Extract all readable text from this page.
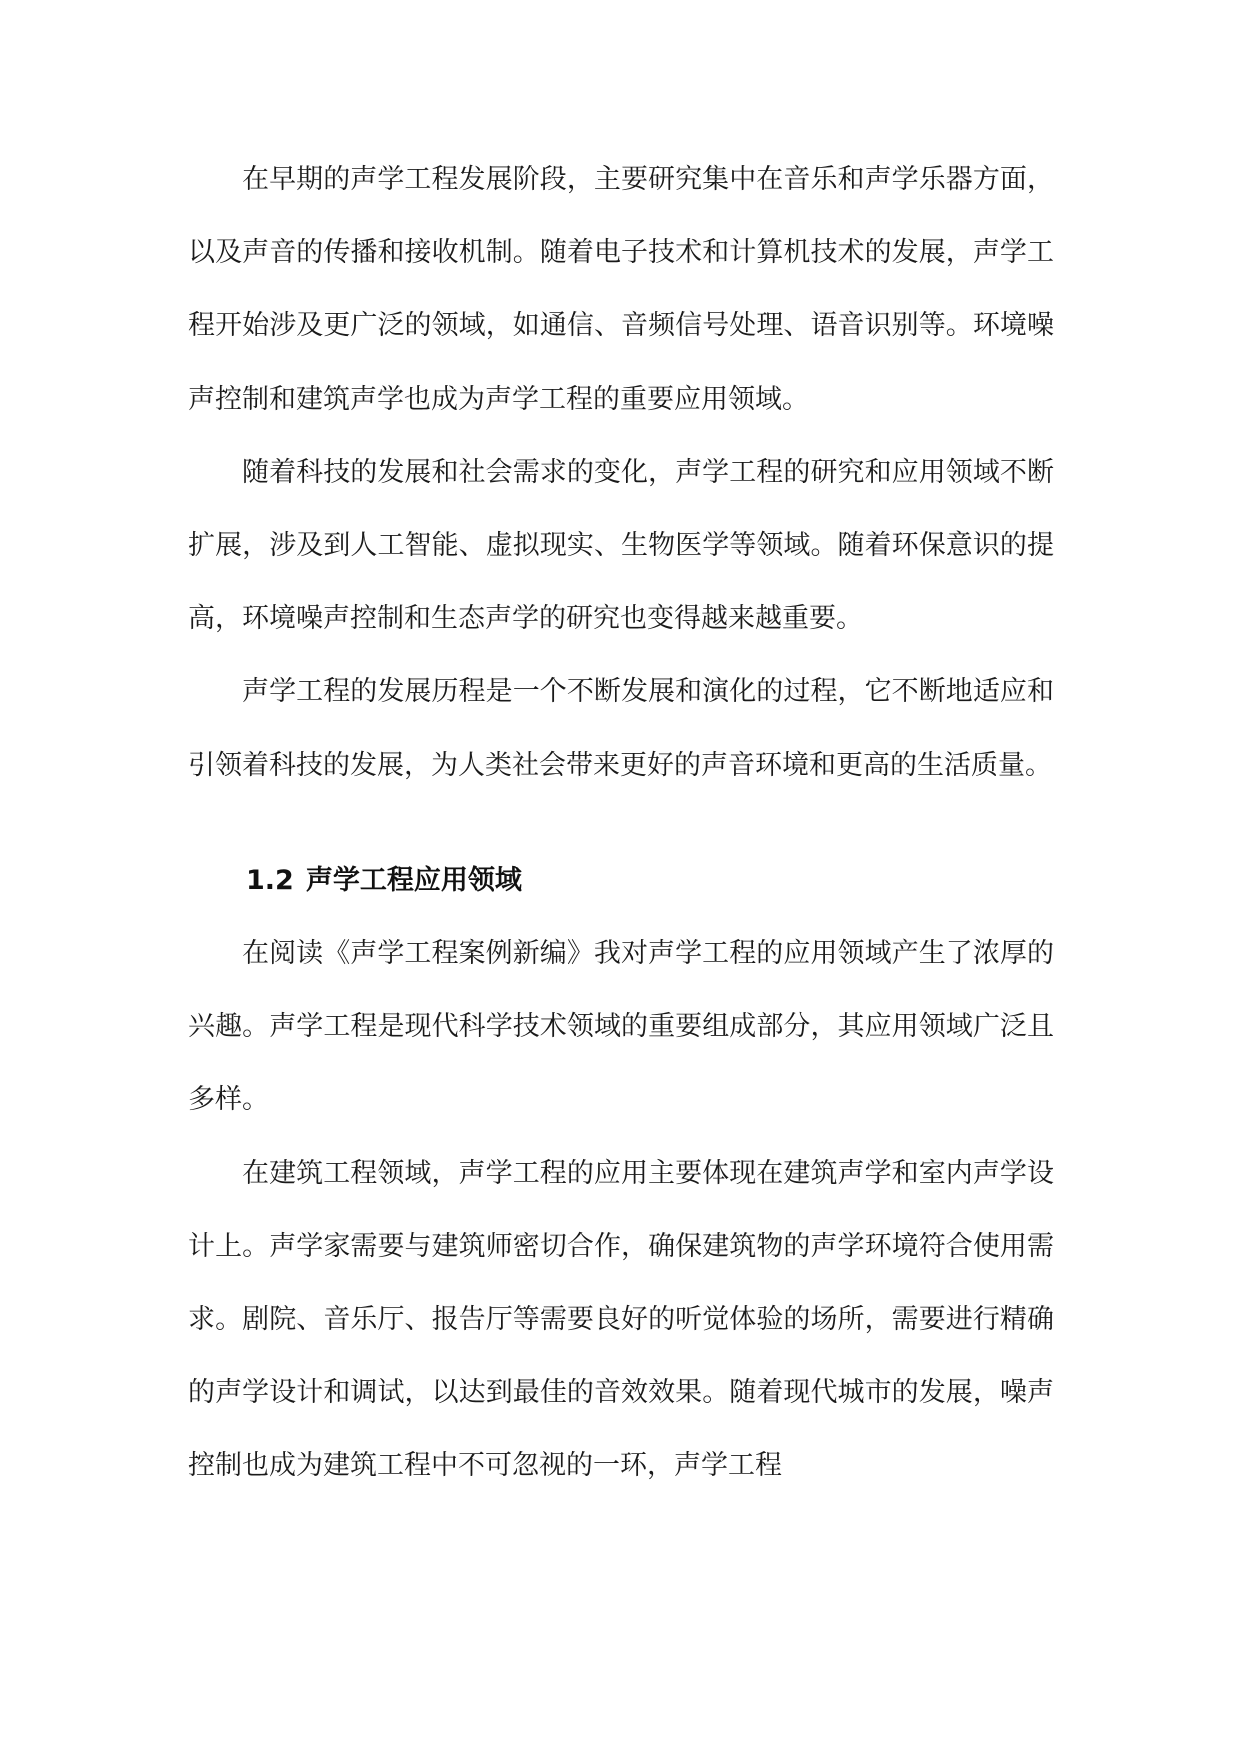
在早期的声学工程发展阶段，主要研究集中在音乐和声学乐器方面，以及声音的传播和接收机制。随着电子技术和计算机技术的发展，声学工程开始涉及更广泛的领域，如通信、音频信号处理、语音识别等。环境噪声控制和建筑声学也成为声学工程的重要应用领域。

随着科技的发展和社会需求的变化，声学工程的研究和应用领域不断扩展，涉及到人工智能、虚拟现实、生物医学等领域。随着环保意识的提高，环境噪声控制和生态声学的研究也变得越来越重要。

声学工程的发展历程是一个不断发展和演化的过程，它不断地适应和引领着科技的发展，为人类社会带来更好的声音环境和更高的生活质量。

1.2 声学工程应用领域

在阅读《声学工程案例新编》我对声学工程的应用领域产生了浓厚的兴趣。声学工程是现代科学技术领域的重要组成部分，其应用领域广泛且多样。

在建筑工程领域，声学工程的应用主要体现在建筑声学和室内声学设计上。声学家需要与建筑师密切合作，确保建筑物的声学环境符合使用需求。剧院、音乐厅、报告厅等需要良好的听觉体验的场所，需要进行精确的声学设计和调试，以达到最佳的音效效果。随着现代城市的发展，噪声控制也成为建筑工程中不可忽视的一环，声学工程
